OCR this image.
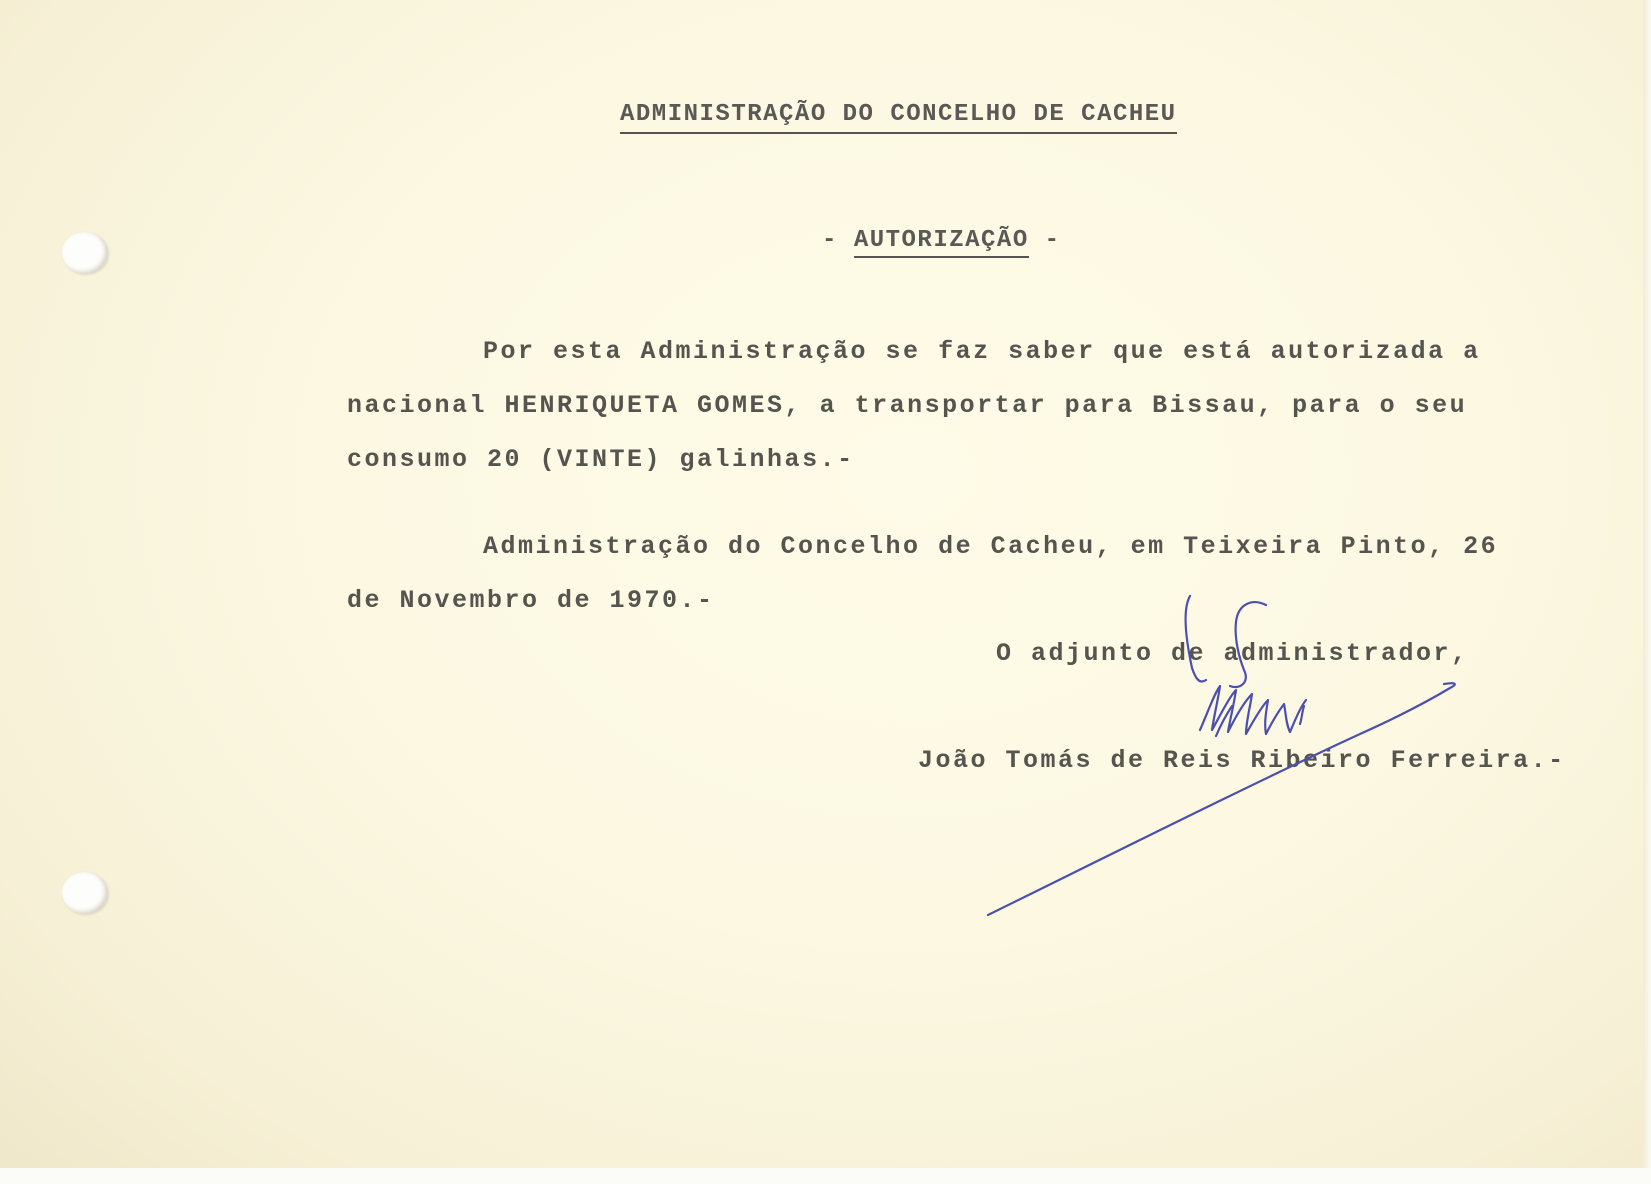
ADMINISTRAÇÃO DO CONCELHO DE CACHEU
- AUTORIZAÇÃO -
Por esta Administração se faz saber que está autorizada a
nacional HENRIQUETA GOMES, a transportar para Bissau, para o seu
consumo 20 (VINTE) galinhas.-
Administração do Concelho de Cacheu, em Teixeira Pinto, 26
de Novembro de 1970.-
O adjunto de administrador,
João Tomás de Reis Ribeiro Ferreira.-
